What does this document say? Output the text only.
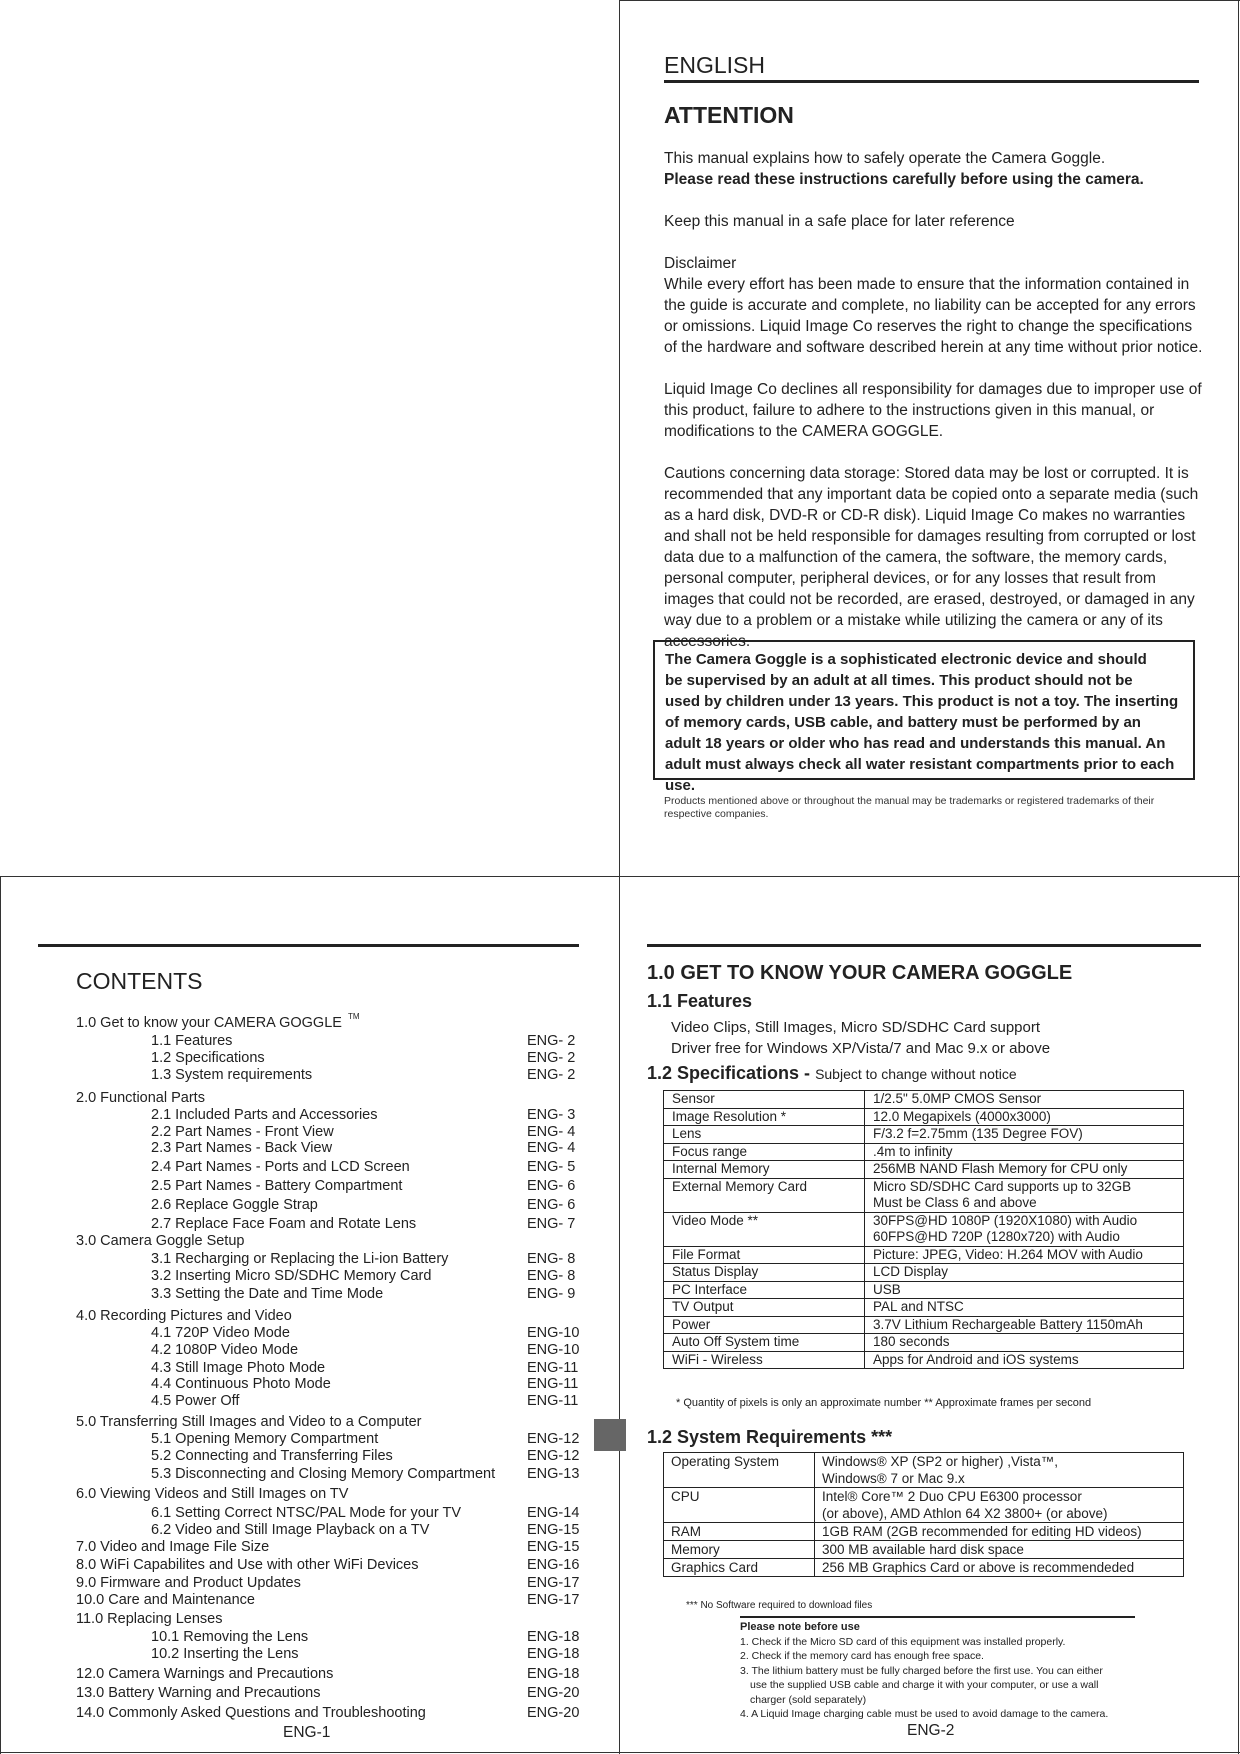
ENGLISH
ATTENTION

This manual explains how to safely operate the Camera Goggle.

Please read these instructions carefully before using the camera.

Keep this manual in a safe place for later reference

Disclaimer

While every effort has been made to ensure that the information contained in the guide is accurate and complete, no liability can be accepted for any errors or omissions. Liquid Image Co reserves the right to change the specifications of the hardware and software described herein at any time without prior notice.

Liquid Image Co declines all responsibility for damages due to improper use of this product, failure to adhere to the instructions given in this manual, or modifications to the CAMERA GOGGLE.

Cautions concerning data storage: Stored data may be lost or corrupted. It is recommended that any important data be copied onto a separate media (such as a hard disk, DVD-R or CD-R disk). Liquid Image Co makes no warranties and shall not be held responsible for damages resulting from corrupted or lost data due to a malfunction of the camera, the software, the memory cards, personal computer, peripheral devices, or for any losses that result from images that could not be recorded, are erased, destroyed, or damaged in any way due to a problem or a mistake while utilizing the camera or any of its accessories.

The Camera Goggle is a sophisticated electronic device and should
be supervised by an adult at all times. This product should not be
used by children under 13 years. This product is not a toy. The inserting
of memory cards, USB cable, and battery must be performed by an
adult 18 years or older who has read and understands this manual. An
adult must always check all water resistant compartments prior to each use.
Products mentioned above or throughout the manual may be trademarks or registered trademarks of their respective companies.
CONTENTS
1.0 Get to know your CAMERA GOGGLE TM
1.1 Features	ENG- 2
1.2 Specifications	ENG- 2
1.3 System requirements	ENG- 2
2.0 Functional Parts
2.1 Included Parts and Accessories	ENG- 3
2.2 Part Names - Front View	ENG- 4
2.3 Part Names - Back View	ENG- 4
2.4 Part Names - Ports and LCD Screen	ENG- 5
2.5 Part Names - Battery Compartment	ENG- 6
2.6 Replace Goggle Strap	ENG- 6
2.7 Replace Face Foam and Rotate Lens	ENG- 7
3.0 Camera Goggle Setup
3.1 Recharging or Replacing the Li-ion Battery	ENG- 8
3.2 Inserting Micro SD/SDHC Memory Card	ENG- 8
3.3 Setting the Date and Time Mode	ENG- 9
4.0 Recording Pictures and Video
4.1 720P Video Mode	ENG-10
4.2 1080P Video Mode	ENG-10
4.3 Still Image Photo Mode	ENG-11
4.4 Continuous Photo Mode	ENG-11
4.5 Power Off	ENG-11
5.0 Transferring Still Images and Video to a Computer
5.1 Opening Memory Compartment	ENG-12
5.2 Connecting and Transferring Files	ENG-12
5.3 Disconnecting and Closing Memory Compartment ENG-13
6.0 Viewing Videos and Still Images on TV
6.1 Setting Correct NTSC/PAL Mode for your TV	ENG-14
6.2 Video and Still Image Playback on a TV	ENG-15
7.0 Video and Image File Size	ENG-15
8.0 WiFi Capabilites and Use with other WiFi Devices	ENG-16
9.0 Firmware and Product Updates	ENG-17
10.0 Care and Maintenance	ENG-17
11.0 Replacing Lenses
10.1 Removing the Lens	ENG-18
10.2 Inserting the Lens	ENG-18
12.0 Camera Warnings and Precautions	ENG-18
13.0 Battery Warning and Precautions	ENG-20
14.0 Commonly Asked Questions and Troubleshooting	ENG-20
ENG-1
1.0 GET TO KNOW YOUR CAMERA GOGGLE
1.1 Features
Video Clips, Still Images, Micro SD/SDHC Card support
Driver free for Windows XP/Vista/7 and Mac 9.x or above
1.2 Specifications - Subject to change without notice
Sensor	1/2.5" 5.0MP CMOS Sensor

Image Resolution *	12.0 Megapixels (4000x3000)

Lens	F/3.2 f=2.75mm (135 Degree FOV)

Focus range	.4m to infinity

Internal Memory	256MB NAND Flash Memory for CPU only

External Memory Card	Micro SD/SDHC Card supports up to 32GB
Must be Class 6 and above

Video Mode **	30FPS@HD 1080P (1920X1080) with Audio
60FPS@HD 720P (1280x720) with Audio

File Format	Picture: JPEG, Video: H.264 MOV with Audio

Status Display	LCD Display

PC Interface	USB

TV Output	PAL and NTSC

Power	3.7V Lithium Rechargeable Battery 1150mAh

Auto Off System time	180 seconds

WiFi - Wireless	Apps for Android and iOS systems
* Quantity of pixels is only an approximate number ** Approximate frames per second
1.2 System Requirements ***
Operating System	Windows® XP (SP2 or higher) ,Vista™,
Windows® 7 or Mac 9.x

CPU	Intel® Core™ 2 Duo CPU E6300 processor
(or above), AMD Athlon 64 X2 3800+ (or above)

RAM	1GB RAM (2GB recommended for editing HD videos)

Memory	300 MB available hard disk space

Graphics Card	256 MB Graphics Card or above is recommendeded
*** No Software required to download files
Please note before use
1. Check if the Micro SD card of this equipment was installed properly.
2. Check if the memory card has enough free space.
3. The lithium battery must be fully charged before the first use. You can either
use the supplied USB cable and charge it with your computer, or use a wall
charger (sold separately)
4. A Liquid Image charging cable must be used to avoid damage to the camera.
ENG-2
